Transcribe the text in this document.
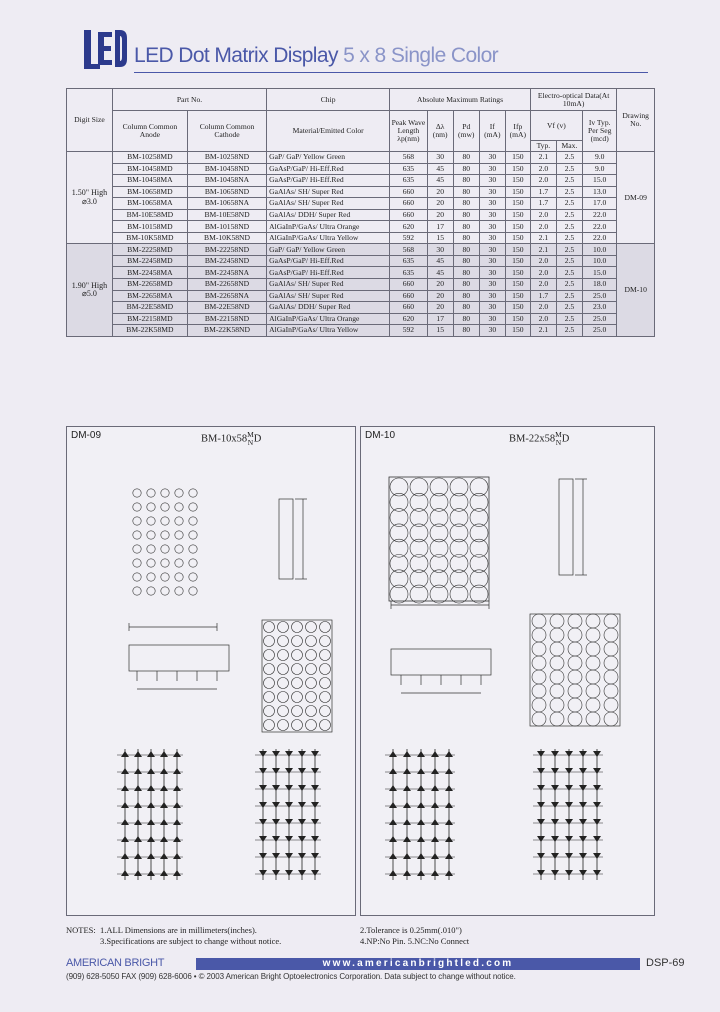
LED Dot Matrix Display 5 x 8 Single Color
Digit Size	Part No.		Chip	Absolute Maximum Ratings					Electro-optical Data(At 10mA)			Drawing No.
	Column Common Anode	Column Common Cathode	Material/Emitted Color	Peak Wave Length λp(nm)	Δλ (nm)	Pd (mw)	If (mA)	Ifp (mA)	Vf (v)		Iv Typ. Per Seg (mcd)	
									Typ.	Max.		

1.50" High
⌀3.0	BM-10258MD	BM-10258ND	GaP/ GaP/ Yellow Green	568	30	80	30	150	2.1	2.5	9.0	DM-09
	BM-10458MD	BM-10458ND	GaAsP/GaP/ Hi-Eff.Red	635	45	80	30	150	2.0	2.5	9.0	
	BM-10458MA	BM-10458NA	GaAsP/GaP/ Hi-Eff.Red	635	45	80	30	150	2.0	2.5	15.0	
	BM-10658MD	BM-10658ND	GaAlAs/ SH/ Super Red	660	20	80	30	150	1.7	2.5	13.0	
	BM-10658MA	BM-10658NA	GaAlAs/ SH/ Super Red	660	20	80	30	150	1.7	2.5	17.0	
	BM-10E58MD	BM-10E58ND	GaAlAs/ DDH/ Super Red	660	20	80	30	150	2.0	2.5	22.0	
	BM-10158MD	BM-10158ND	AlGaInP/GaAs/ Ultra Orange	620	17	80	30	150	2.0	2.5	22.0	
	BM-10K58MD	BM-10K58ND	AlGaInP/GaAs/ Ultra Yellow	592	15	80	30	150	2.1	2.5	22.0	

1.90" High
⌀5.0	BM-22258MD	BM-22258ND	GaP/ GaP/ Yellow Green	568	30	80	30	150	2.1	2.5	10.0	DM-10
	BM-22458MD	BM-22458ND	GaAsP/GaP/ Hi-Eff.Red	635	45	80	30	150	2.0	2.5	10.0	
	BM-22458MA	BM-22458NA	GaAsP/GaP/ Hi-Eff.Red	635	45	80	30	150	2.0	2.5	15.0	
	BM-22658MD	BM-22658ND	GaAlAs/ SH/ Super Red	660	20	80	30	150	2.0	2.5	18.0	
	BM-22658MA	BM-22658NA	GaAlAs/ SH/ Super Red	660	20	80	30	150	1.7	2.5	25.0	
	BM-22E58MD	BM-22E58ND	GaAlAs/ DDH/ Super Red	660	20	80	30	150	2.0	2.5	23.0	
	BM-22158MD	BM-22158ND	AlGaInP/GaAs/ Ultra Orange	620	17	80	30	150	2.0	2.5	25.0	
	BM-22K58MD	BM-22K58ND	AlGaInP/GaAs/ Ultra Yellow	592	15	80	30	150	2.1	2.5	25.0	
DM-09	BM-10x58M
ND	DM-10	BM-22x58M
ND
NOTES: 1.ALL Dimensions are in millimeters(inches).
3.Specifications are subject to change without notice.
2.Tolerance is 0.25mm(.010")
4.NP:No Pin. 5.NC:No Connect
AMERICAN BRIGHT	www.americanbrightled.com	DSP-69
(909) 628-5050 FAX (909) 628-6006 • © 2003 American Bright Optoelectronics Corporation. Data subject to change without notice.
